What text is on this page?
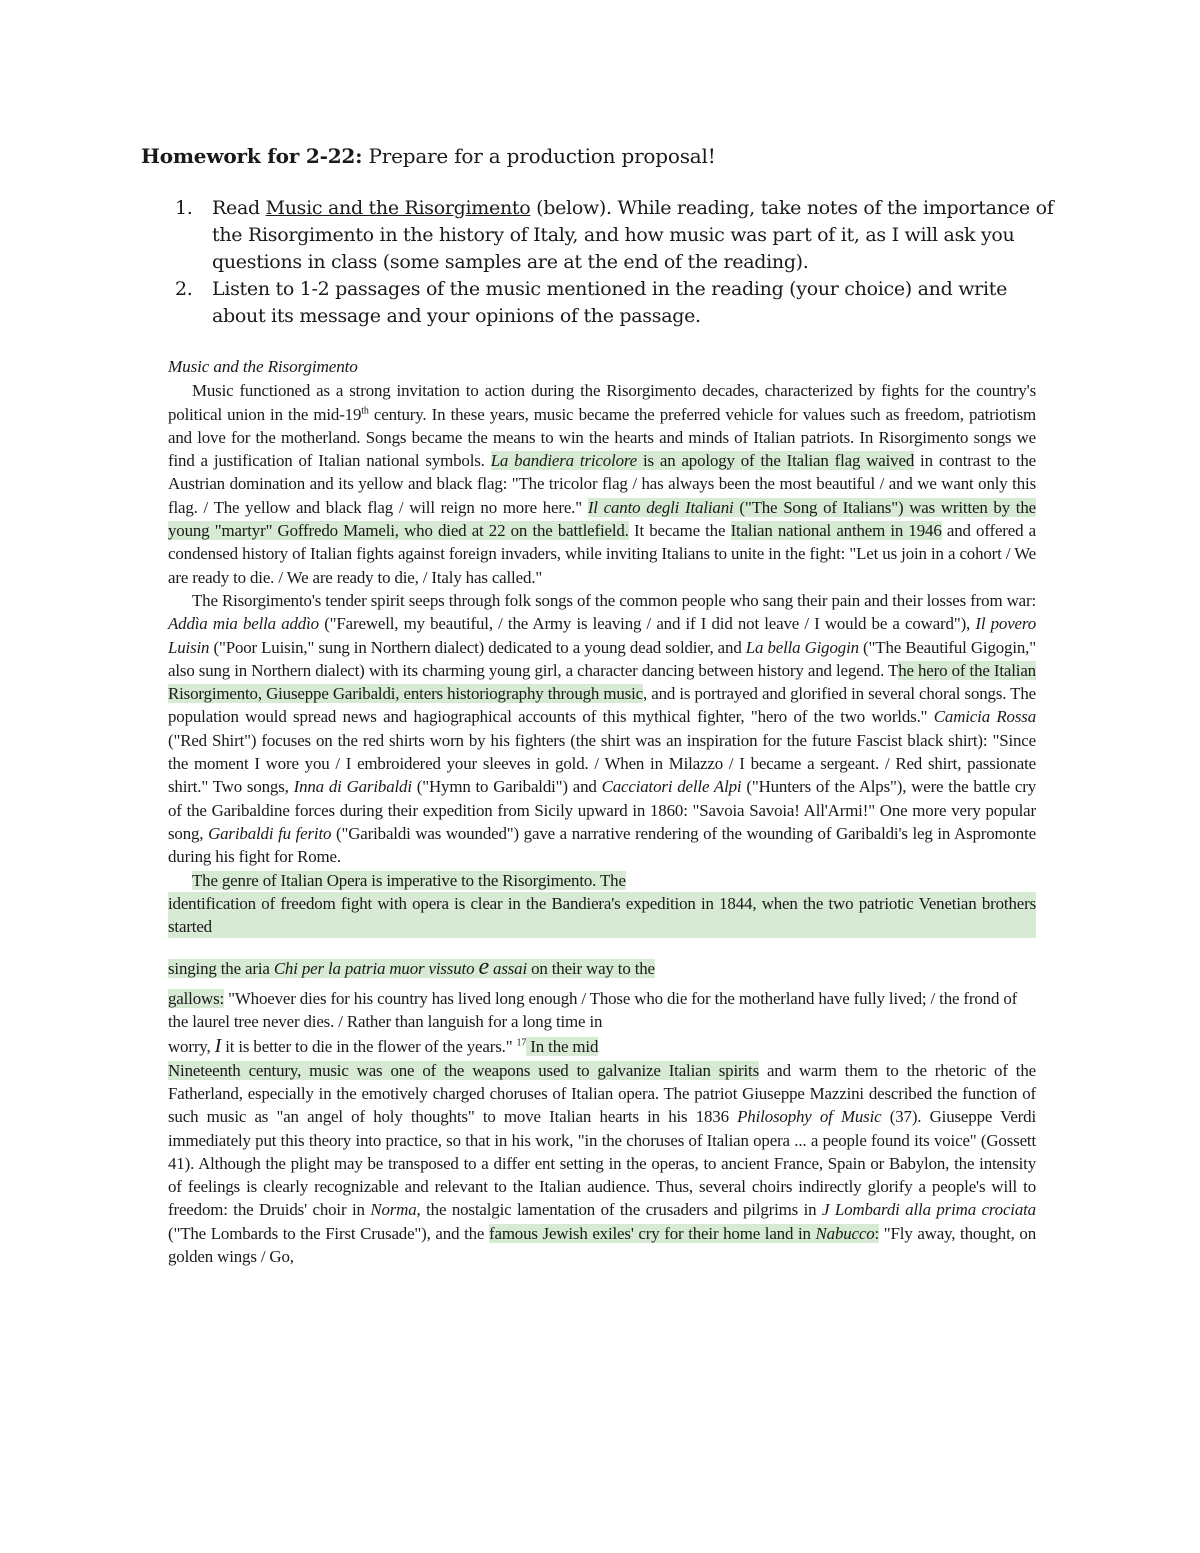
Homework for 2-22: Prepare for a production proposal!
1. Read Music and the Risorgimento (below). While reading, take notes of the importance of the Risorgimento in the history of Italy, and how music was part of it, as I will ask you questions in class (some samples are at the end of the reading).
2. Listen to 1-2 passages of the music mentioned in the reading (your choice) and write about its message and your opinions of the passage.

Music and the Risorgimento

Music functioned as a strong invitation to action during the Risorgimento decades, characterized by fights for the country's political union in the mid-19th century. In these years, music became the preferred vehicle for values such as freedom, patriotism and love for the motherland. Songs became the means to win the hearts and minds of Italian patriots. In Risorgimento songs we find a justification of Italian national symbols. La bandiera tricolore is an apology of the Italian flag waived in contrast to the Austrian domination and its yellow and black flag: "The tricolor flag / has always been the most beautiful / and we want only this flag. / The yellow and black flag / will reign no more here." Il canto degli Italiani ("The Song of Italians") was written by the young "martyr" Goffredo Mameli, who died at 22 on the battlefield. It became the Italian national anthem in 1946 and offered a condensed history of Italian fights against foreign invaders, while inviting Italians to unite in the fight: "Let us join in a cohort / We are ready to die. / We are ready to die, / Italy has called."

The Risorgimento's tender spirit seeps through folk songs of the common people who sang their pain and their losses from war: Addìa mia bella addìo ("Farewell, my beautiful, / the Army is leaving / and if I did not leave / I would be a coward"), Il povero Luisin ("Poor Luisin," sung in Northern dialect) dedicated to a young dead soldier, and La bella Gigogin ("The Beautiful Gigogin," also sung in Northern dialect) with its charming young girl, a character dancing between history and legend. The hero of the Italian Risorgimento, Giuseppe Garibaldi, enters historiography through music, and is portrayed and glorified in several choral songs. The population would spread news and hagiographical accounts of this mythical fighter, "hero of the two worlds." Camicia Rossa ("Red Shirt") focuses on the red shirts worn by his fighters (the shirt was an inspiration for the future Fascist black shirt): "Since the moment I wore you / I embroidered your sleeves in gold. / When in Milazzo / I became a sergeant. / Red shirt, passionate shirt." Two songs, Inna di Garibaldi ("Hymn to Garibaldi") and Cacciatori delle Alpi ("Hunters of the Alps"), were the battle cry of the Garibaldine forces during their expedition from Sicily upward in 1860: "Savoia Savoia! All'Armi!" One more very popular song, Garibaldi fu ferito ("Garibaldi was wounded") gave a narrative rendering of the wounding of Garibaldi's leg in Aspromonte during his fight for Rome.

The genre of Italian Opera is imperative to the Risorgimento. The

identification of freedom fight with opera is clear in the Bandiera's expedition in 1844, when the two patriotic Venetian brothers started

singing the aria Chi per la patria muor vissuto e assai on their way to the

gallows: "Whoever dies for his country has lived long enough / Those who die for the motherland have fully lived; / the frond of the laurel tree never dies. / Rather than languish for a long time in

worry, I it is better to die in the flower of the years." $^{17}$ In the mid

Nineteenth century, music was one of the weapons used to galvanize Italian spirits and warm them to the rhetoric of the Fatherland, especially in the emotively charged choruses of Italian opera. The patriot Giuseppe Mazzini described the function of such music as "an angel of holy thoughts" to move Italian hearts in his 1836 Philosophy of Music (37). Giuseppe Verdi immediately put this theory into practice, so that in his work, "in the choruses of Italian opera ... a people found its voice" (Gossett 41). Although the plight may be transposed to a differ ent setting in the operas, to ancient France, Spain or Babylon, the intensity of feelings is clearly recognizable and relevant to the Italian audience. Thus, several choirs indirectly glorify a people's will to freedom: the Druids' choir in Norma, the nostalgic lamentation of the crusaders and pilgrims in J Lombardi alla prima crociata ("The Lombards to the First Crusade"), and the famous Jewish exiles' cry for their home land in Nabucco: "Fly away, thought, on golden wings / Go,
